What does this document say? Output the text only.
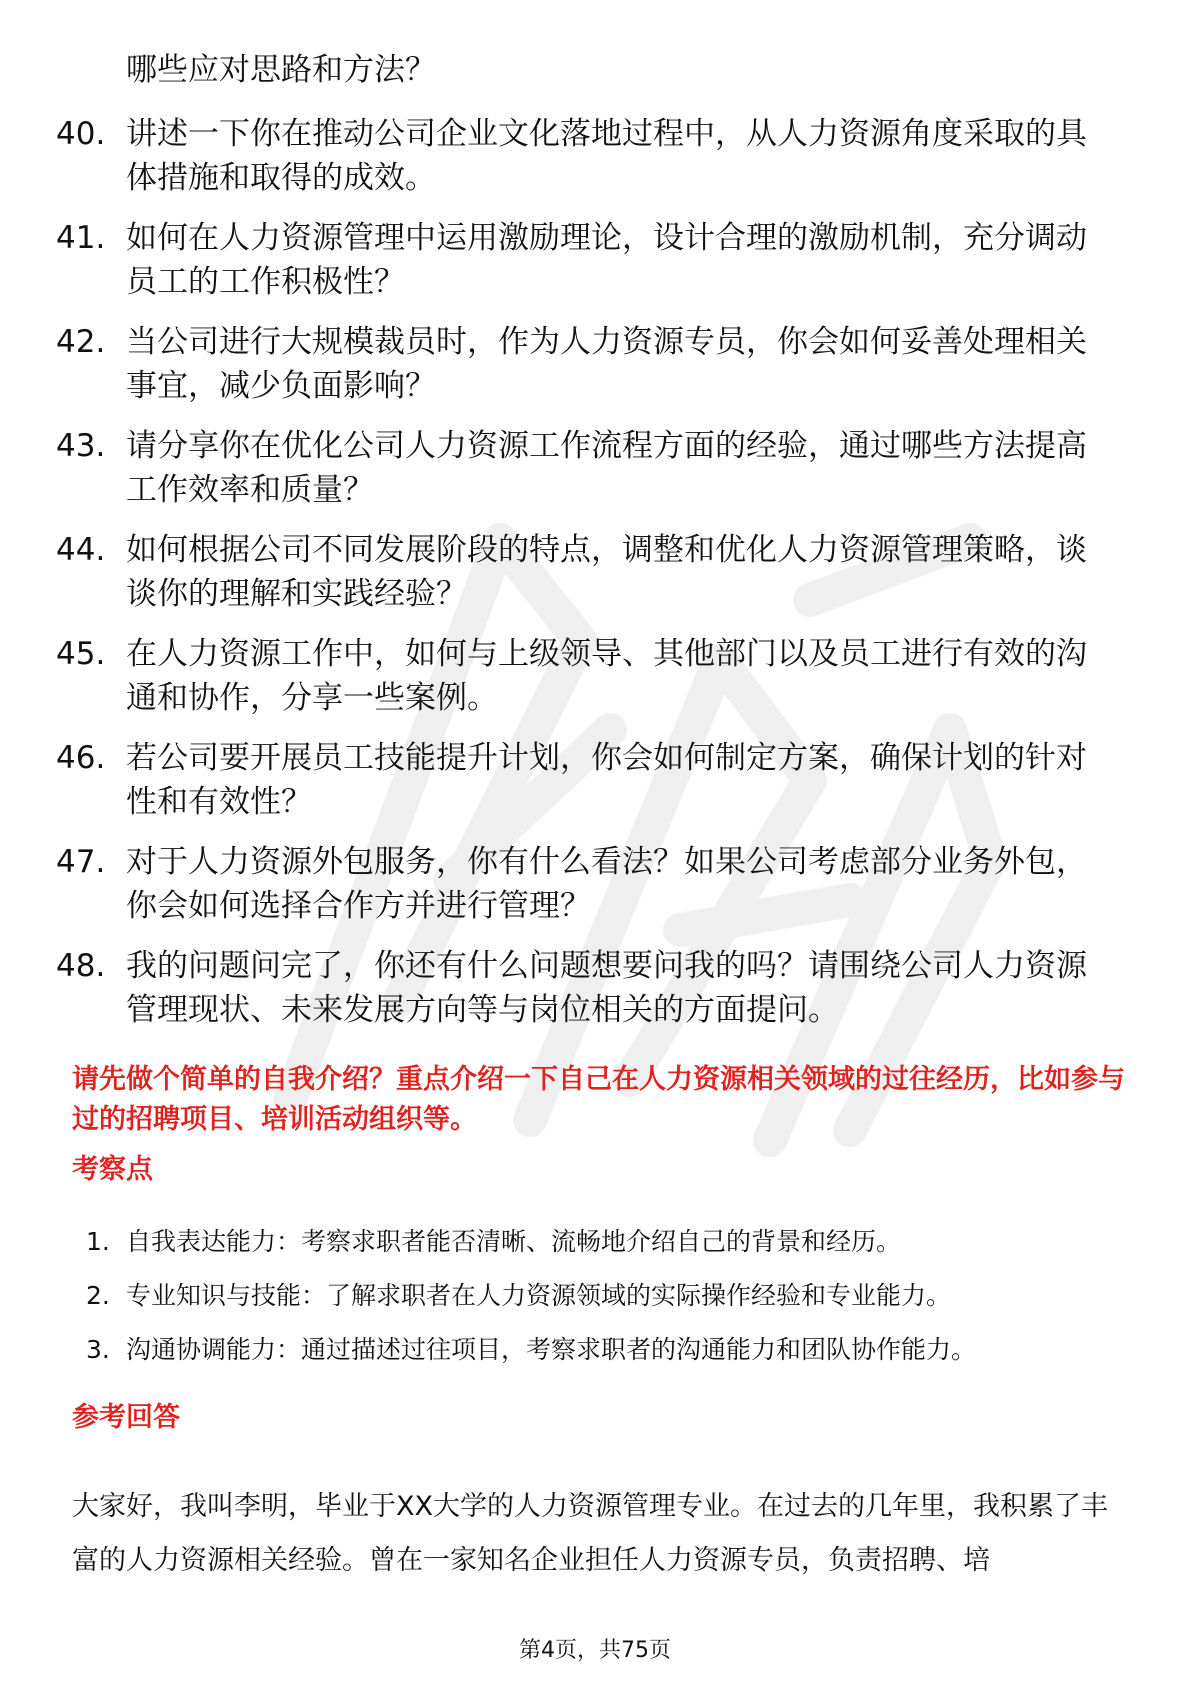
哪些应对思路和方法？

40. 讲述一下你在推动公司企业文化落地过程中，从人力资源角度采取的具体措施和取得的成效。
41. 如何在人力资源管理中运用激励理论，设计合理的激励机制，充分调动员工的工作积极性？
42. 当公司进行大规模裁员时，作为人力资源专员，你会如何妥善处理相关事宜，减少负面影响？
43. 请分享你在优化公司人力资源工作流程方面的经验，通过哪些方法提高工作效率和质量？
44. 如何根据公司不同发展阶段的特点，调整和优化人力资源管理策略，谈谈你的理解和实践经验？
45. 在人力资源工作中，如何与上级领导、其他部门以及员工进行有效的沟通和协作，分享一些案例。
46. 若公司要开展员工技能提升计划，你会如何制定方案，确保计划的针对性和有效性？
47. 对于人力资源外包服务，你有什么看法？如果公司考虑部分业务外包，你会如何选择合作方并进行管理？
48. 我的问题问完了，你还有什么问题想要问我的吗？请围绕公司人力资源管理现状、未来发展方向等与岗位相关的方面提问。
请先做个简单的自我介绍？重点介绍一下自己在人力资源相关领域的过往经历，比如参与过的招聘项目、培训活动组织等。
考察点
1. 自我表达能力：考察求职者能否清晰、流畅地介绍自己的背景和经历。
2. 专业知识与技能：了解求职者在人力资源领域的实际操作经验和专业能力。
3. 沟通协调能力：通过描述过往项目，考察求职者的沟通能力和团队协作能力。
参考回答

大家好，我叫李明，毕业于XX大学的人力资源管理专业。在过去的几年里，我积累了丰富的人力资源相关经验。曾在一家知名企业担任人力资源专员，负责招聘、培

第4页，共75页
